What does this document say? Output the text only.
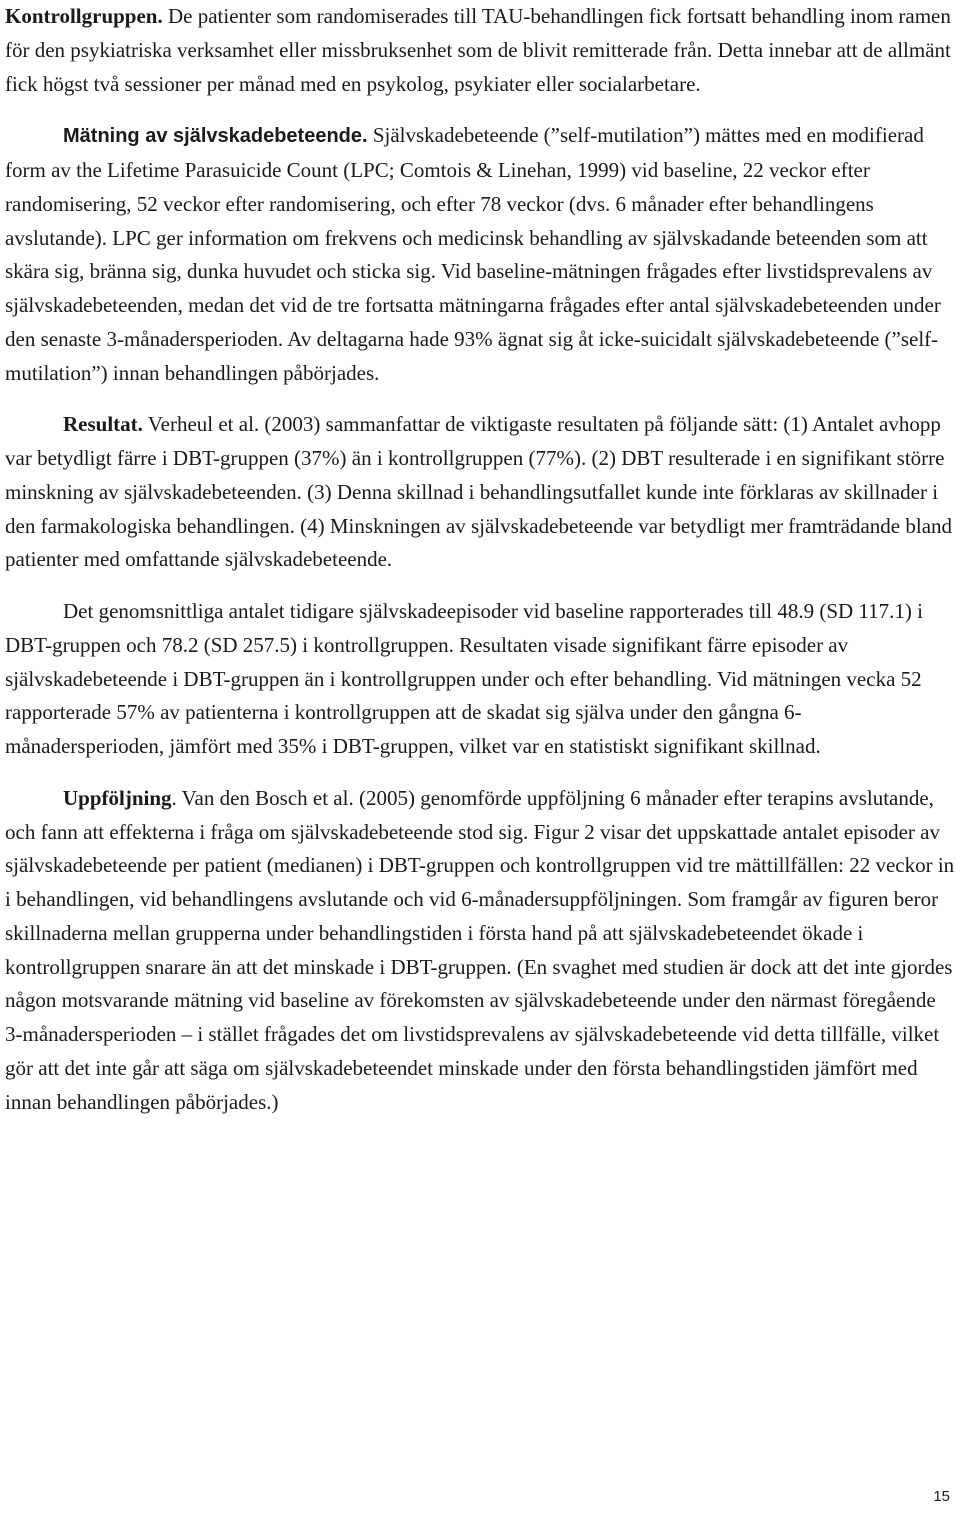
Kontrollgruppen. De patienter som randomiserades till TAU-behandlingen fick fortsatt behandling inom ramen för den psykiatriska verksamhet eller missbruksenhet som de blivit remitterade från. Detta innebar att de allmänt fick högst två sessioner per månad med en psykolog, psykiater eller socialarbetare.

Mätning av självskadebeteende. Självskadebeteende (”self-mutilation”) mättes med en modifierad form av the Lifetime Parasuicide Count (LPC; Comtois & Linehan, 1999) vid baseline, 22 veckor efter randomisering, 52 veckor efter randomisering, och efter 78 veckor (dvs. 6 månader efter behandlingens avslutande). LPC ger information om frekvens och medicinsk behandling av självskadande beteenden som att skära sig, bränna sig, dunka huvudet och sticka sig. Vid baseline-mätningen frågades efter livstidsprevalens av självskadebeteenden, medan det vid de tre fortsatta mätningarna frågades efter antal självskadebeteenden under den senaste 3-månadersperioden. Av deltagarna hade 93% ägnat sig åt icke-suicidalt självskadebeteende (”self-mutilation”) innan behandlingen påbörjades.

Resultat. Verheul et al. (2003) sammanfattar de viktigaste resultaten på följande sätt: (1) Antalet avhopp var betydligt färre i DBT-gruppen (37%) än i kontrollgruppen (77%). (2) DBT resulterade i en signifikant större minskning av självskadebeteenden. (3) Denna skillnad i behandlingsutfallet kunde inte förklaras av skillnader i den farmakologiska behandlingen. (4) Minskningen av självskadebeteende var betydligt mer framträdande bland patienter med omfattande självskadebeteende.

Det genomsnittliga antalet tidigare självskadeepisoder vid baseline rapporterades till 48.9 (SD 117.1) i DBT-gruppen och 78.2 (SD 257.5) i kontrollgruppen. Resultaten visade signifikant färre episoder av självskadebeteende i DBT-gruppen än i kontrollgruppen under och efter behandling. Vid mätningen vecka 52 rapporterade 57% av patienterna i kontrollgruppen att de skadat sig själva under den gångna 6-månadersperioden, jämfört med 35% i DBT-gruppen, vilket var en statistiskt signifikant skillnad.

Uppföljning. Van den Bosch et al. (2005) genomförde uppföljning 6 månader efter terapins avslutande, och fann att effekterna i fråga om självskadebeteende stod sig. Figur 2 visar det uppskattade antalet episoder av självskadebeteende per patient (medianen) i DBT-gruppen och kontrollgruppen vid tre mättillfällen: 22 veckor in i behandlingen, vid behandlingens avslutande och vid 6-månadersuppföljningen. Som framgår av figuren beror skillnaderna mellan grupperna under behandlingstiden i första hand på att självskadebeteendet ökade i kontrollgruppen snarare än att det minskade i DBT-gruppen. (En svaghet med studien är dock att det inte gjordes någon motsvarande mätning vid baseline av förekomsten av självskadebeteende under den närmast föregående 3-månadersperioden – i stället frågades det om livstidsprevalens av självskadebeteende vid detta tillfälle, vilket gör att det inte går att säga om självskadebeteendet minskade under den första behandlingstiden jämfört med innan behandlingen påbörjades.)

15
